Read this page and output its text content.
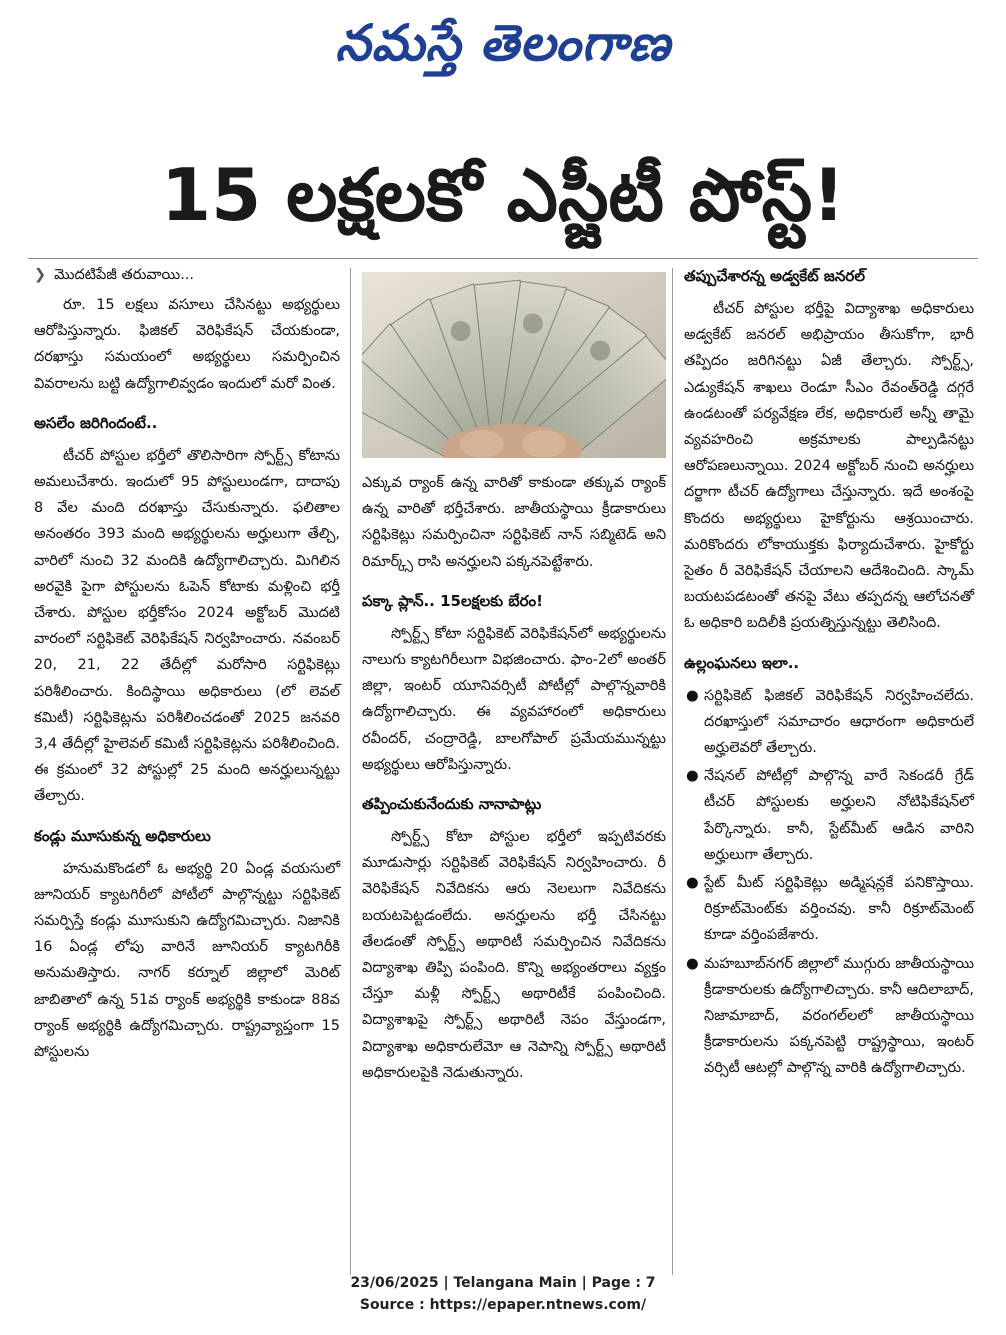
నమస్తే తెలంగాణ
15 లక్షలకో ఎస్జీటీ పోస్ట్!
❯ మొదటిపేజీ తరువాయి...

రూ. 15 లక్షలు వసూలు చేసినట్టు అభ్యర్థులు ఆరోపిస్తున్నారు. ఫిజికల్ వెరిఫికేషన్ చేయకుండా, దరఖాస్తు సమయంలో అభ్యర్థులు సమర్పించిన వివరాలను బట్టి ఉద్యోగాలివ్వడం ఇందులో మరో వింత.

అసలేం జరిగిందంటే..

టీచర్ పోస్టుల భర్తీలో తొలిసారిగా స్పోర్ట్స్ కోటాను అమలుచేశారు. ఇందులో 95 పోస్టులుండగా, దాదాపు 8 వేల మంది దరఖాస్తు చేసుకున్నారు. ఫలితాల అనంతరం 393 మంది అభ్యర్థులను అర్హులుగా తేల్చి, వారిలో నుంచి 32 మందికి ఉద్యోగాలిచ్చారు. మిగిలిన అరవైకి పైగా పోస్టులను ఓపెన్ కోటాకు మళ్లించి భర్తీ చేశారు. పోస్టుల భర్తీకోసం 2024 అక్టోబర్ మొదటి వారంలో సర్టిఫికెట్ వెరిఫికేషన్ నిర్వహించారు. నవంబర్ 20, 21, 22 తేదీల్లో మరోసారి సర్టిఫికెట్లు పరిశీలించారు. కిందిస్థాయి అధికారులు (లో లెవల్ కమిటీ) సర్టిఫికెట్లను పరిశీలించడంతో 2025 జనవరి 3,4 తేదీల్లో హైలెవల్ కమిటీ సర్టిఫికెట్లను పరిశీలించింది. ఈ క్రమంలో 32 పోస్టుల్లో 25 మంది అనర్హులున్నట్టు తేల్చారు.

కండ్లు మూసుకున్న అధికారులు

హనుమకొండలో ఓ అభ్యర్థి 20 ఏండ్ల వయసులో జూనియర్ క్యాటగిరీలో పోటీలో పాల్గొన్నట్టు సర్టిఫికెట్ సమర్పిస్తే కండ్లు మూసుకుని ఉద్యోగమిచ్చారు. నిజానికి 16 ఏండ్ల లోపు వారినే జూనియర్ క్యాటగిరీకి అనుమతిస్తారు. నాగర్ కర్నూల్ జిల్లాలో మెరిట్ జాబితాలో ఉన్న 51వ ర్యాంక్ అభ్యర్థికి కాకుండా 88వ ర్యాంక్ అభ్యర్థికి ఉద్యోగమిచ్చారు. రాష్ట్రవ్యాప్తంగా 15 పోస్టులను

ఎక్కువ ర్యాంక్ ఉన్న వారితో కాకుండా తక్కువ ర్యాంక్ ఉన్న వారితో భర్తీచేశారు. జాతీయస్థాయి క్రీడాకారులు సర్టిఫికెట్లు సమర్పించినా సర్టిఫికెట్ నాన్ సబ్మిటెడ్ అని రిమార్క్స్ రాసి అనర్హులని పక్కనపెట్టేశారు.

పక్కా ప్లాన్.. 15లక్షలకు బేరం!

స్పోర్ట్స్ కోటా సర్టిఫికెట్ వెరిఫికేషన్‌లో అభ్యర్థులను నాలుగు క్యాటగిరీలుగా విభజించారు. ఫాం-2లో అంతర్ జిల్లా, ఇంటర్ యూనివర్సిటీ పోటీల్లో పాల్గొన్నవారికి ఉద్యోగాలిచ్చారు. ఈ వ్యవహారంలో అధికారులు రవీందర్, చంద్రారెడ్డి, బాలగోపాల్ ప్రమేయమున్నట్టు అభ్యర్థులు ఆరోపిస్తున్నారు.

తప్పించుకునేందుకు నానాపాట్లు

స్పోర్ట్స్ కోటా పోస్టుల భర్తీలో ఇప్పటివరకు మూడుసార్లు సర్టిఫికెట్ వెరిఫికేషన్ నిర్వహించారు. రీ వెరిఫికేషన్ నివేదికను ఆరు నెలలుగా నివేదికను బయటపెట్టడంలేదు. అనర్హులను భర్తీ చేసినట్టు తేలడంతో స్పోర్ట్స్ అథారిటీ సమర్పించిన నివేదికను విద్యాశాఖ తిప్పి పంపింది. కొన్ని అభ్యంతరాలు వ్యక్తం చేస్తూ మళ్లీ స్పోర్ట్స్ అథారిటీకే పంపించింది. విద్యాశాఖపై స్పోర్ట్స్ అథారిటీ నెపం వేస్తుండగా, విద్యాశాఖ అధికారులేమో ఆ నెపాన్ని స్పోర్ట్స్ అథారిటీ అధికారులపైకి నెడుతున్నారు.

తప్పుచేశారన్న అడ్వకేట్ జనరల్

టీచర్ పోస్టుల భర్తీపై విద్యాశాఖ అధికారులు అడ్వకేట్ జనరల్ అభిప్రాయం తీసుకోగా, భారీ తప్పిదం జరిగినట్టు ఏజీ తేల్చారు. స్పోర్ట్స్, ఎడ్యుకేషన్ శాఖలు రెండూ సీఎం రేవంత్‌రెడ్డి దగ్గరే ఉండటంతో పర్యవేక్షణ లేక, అధికారులే అన్నీ తామై వ్యవహరించి అక్రమాలకు పాల్పడినట్టు ఆరోపణలున్నాయి. 2024 అక్టోబర్ నుంచి అనర్హులు దర్జాగా టీచర్ ఉద్యోగాలు చేస్తున్నారు. ఇదే అంశంపై కొందరు అభ్యర్థులు హైకోర్టును ఆశ్రయించారు. మరికొందరు లోకాయుక్తకు ఫిర్యాదుచేశారు. హైకోర్టు సైతం రీ వెరిఫికేషన్ చేయాలని ఆదేశించింది. స్కామ్ బయటపడటంతో తనపై వేటు తప్పదన్న ఆలోచనతో ఓ అధికారి బదిలీకి ప్రయత్నిస్తున్నట్టు తెలిసింది.

ఉల్లంఘనలు ఇలా..
● సర్టిఫికెట్ ఫిజికల్ వెరిఫికేషన్ నిర్వహించలేదు. దరఖాస్తులో సమాచారం ఆధారంగా అధికారులే అర్హులెవరో తేల్చారు.
● నేషనల్ పోటీల్లో పాల్గొన్న వారే సెకండరీ గ్రేడ్ టీచర్ పోస్టులకు అర్హులని నోటిఫికేషన్‌లో పేర్కొన్నారు. కానీ, స్టేట్‌మీట్ ఆడిన వారిని అర్హులుగా తేల్చారు.
● స్టేట్ మీట్ సర్టిఫికెట్లు అడ్మిషన్లకే పనికొస్తాయి. రిక్రూట్‌మెంట్‌కు వర్తించవు. కానీ రిక్రూట్‌మెంట్ కూడా వర్తింపజేశారు.
● మహబూబ్‌నగర్ జిల్లాలో ముగ్గురు జాతీయస్థాయి క్రీడాకారులకు ఉద్యోగాలిచ్చారు. కానీ ఆదిలాబాద్, నిజామాబాద్, వరంగల్‌లలో జాతీయస్థాయి క్రీడాకారులను పక్కనపెట్టి రాష్ట్రస్థాయి, ఇంటర్ వర్సిటీ ఆటల్లో పాల్గొన్న వారికి ఉద్యోగాలిచ్చారు.
23/06/2025 | Telangana Main | Page : 7
Source : https://epaper.ntnews.com/
